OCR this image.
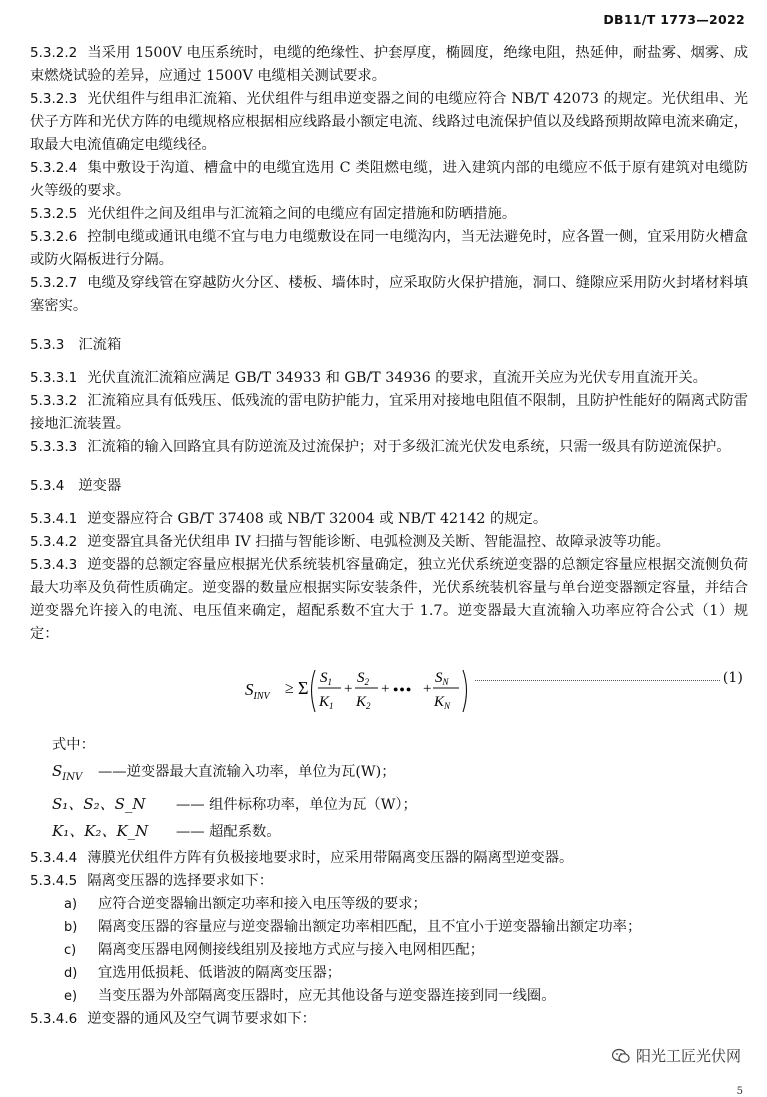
DB11/T 1773—2022

5.3.2.2 当采用 1500V 电压系统时，电缆的绝缘性、护套厚度，椭圆度，绝缘电阻，热延伸，耐盐雾、烟雾、成束燃烧试验的差异，应通过 1500V 电缆相关测试要求。

5.3.2.3 光伏组件与组串汇流箱、光伏组件与组串逆变器之间的电缆应符合 NB/T 42073 的规定。光伏组串、光伏子方阵和光伏方阵的电缆规格应根据相应线路最小额定电流、线路过电流保护值以及线路预期故障电流来确定，取最大电流值确定电缆线径。

5.3.2.4 集中敷设于沟道、槽盒中的电缆宜选用 C 类阻燃电缆，进入建筑内部的电缆应不低于原有建筑对电缆防火等级的要求。

5.3.2.5 光伏组件之间及组串与汇流箱之间的电缆应有固定措施和防晒措施。

5.3.2.6 控制电缆或通讯电缆不宜与电力电缆敷设在同一电缆沟内，当无法避免时，应各置一侧，宜采用防火槽盒或防火隔板进行分隔。

5.3.2.7 电缆及穿线管在穿越防火分区、楼板、墙体时，应采取防火保护措施，洞口、缝隙应采用防火封堵材料填塞密实。

5.3.3 汇流箱

5.3.3.1 光伏直流汇流箱应满足 GB/T 34933 和 GB/T 34936 的要求，直流开关应为光伏专用直流开关。

5.3.3.2 汇流箱应具有低残压、低残流的雷电防护能力，宜采用对接地电阻值不限制，且防护性能好的隔离式防雷接地汇流装置。

5.3.3.3 汇流箱的输入回路宜具有防逆流及过流保护；对于多级汇流光伏发电系统，只需一级具有防逆流保护。

5.3.4 逆变器

5.3.4.1 逆变器应符合 GB/T 37408 或 NB/T 32004 或 NB/T 42142 的规定。

5.3.4.2 逆变器宜具备光伏组串 IV 扫描与智能诊断、电弧检测及关断、智能温控、故障录波等功能。

5.3.4.3 逆变器的总额定容量应根据光伏系统装机容量确定，独立光伏系统逆变器的总额定容量应根据交流侧负荷最大功率及负荷性质确定。逆变器的数量应根据实际安装条件，光伏系统装机容量与单台逆变器额定容量，并结合逆变器允许接入的电流、电压值来确定，超配系数不宜大于 1.7。逆变器最大直流输入功率应符合公式（1）规定：

$S_{INV} \ge \Sigma$ $S_1$
$K_1$
+
$S_2$
$K_2$
+ ●●● +
$S_N$
$K_N$
(1)

式中：

$S_{INV}$ ——逆变器最大直流输入功率，单位为瓦(W)；

S₁、S₂、S_N —— 组件标称功率，单位为瓦（W）；

K₁、K₂、K_N —— 超配系数。

5.3.4.4 薄膜光伏组件方阵有负极接地要求时，应采用带隔离变压器的隔离型逆变器。

5.3.4.5 隔离变压器的选择要求如下：

a)	应符合逆变器输出额定功率和接入电压等级的要求；

b)	隔离变压器的容量应与逆变器输出额定功率相匹配，且不宜小于逆变器输出额定功率；

c)	隔离变压器电网侧接线组别及接地方式应与接入电网相匹配；

d)	宜选用低损耗、低谐波的隔离变压器；

e)	当变压器为外部隔离变压器时，应无其他设备与逆变器连接到同一线圈。

5.3.4.6 逆变器的通风及空气调节要求如下：

阳光工匠光伏网
5
